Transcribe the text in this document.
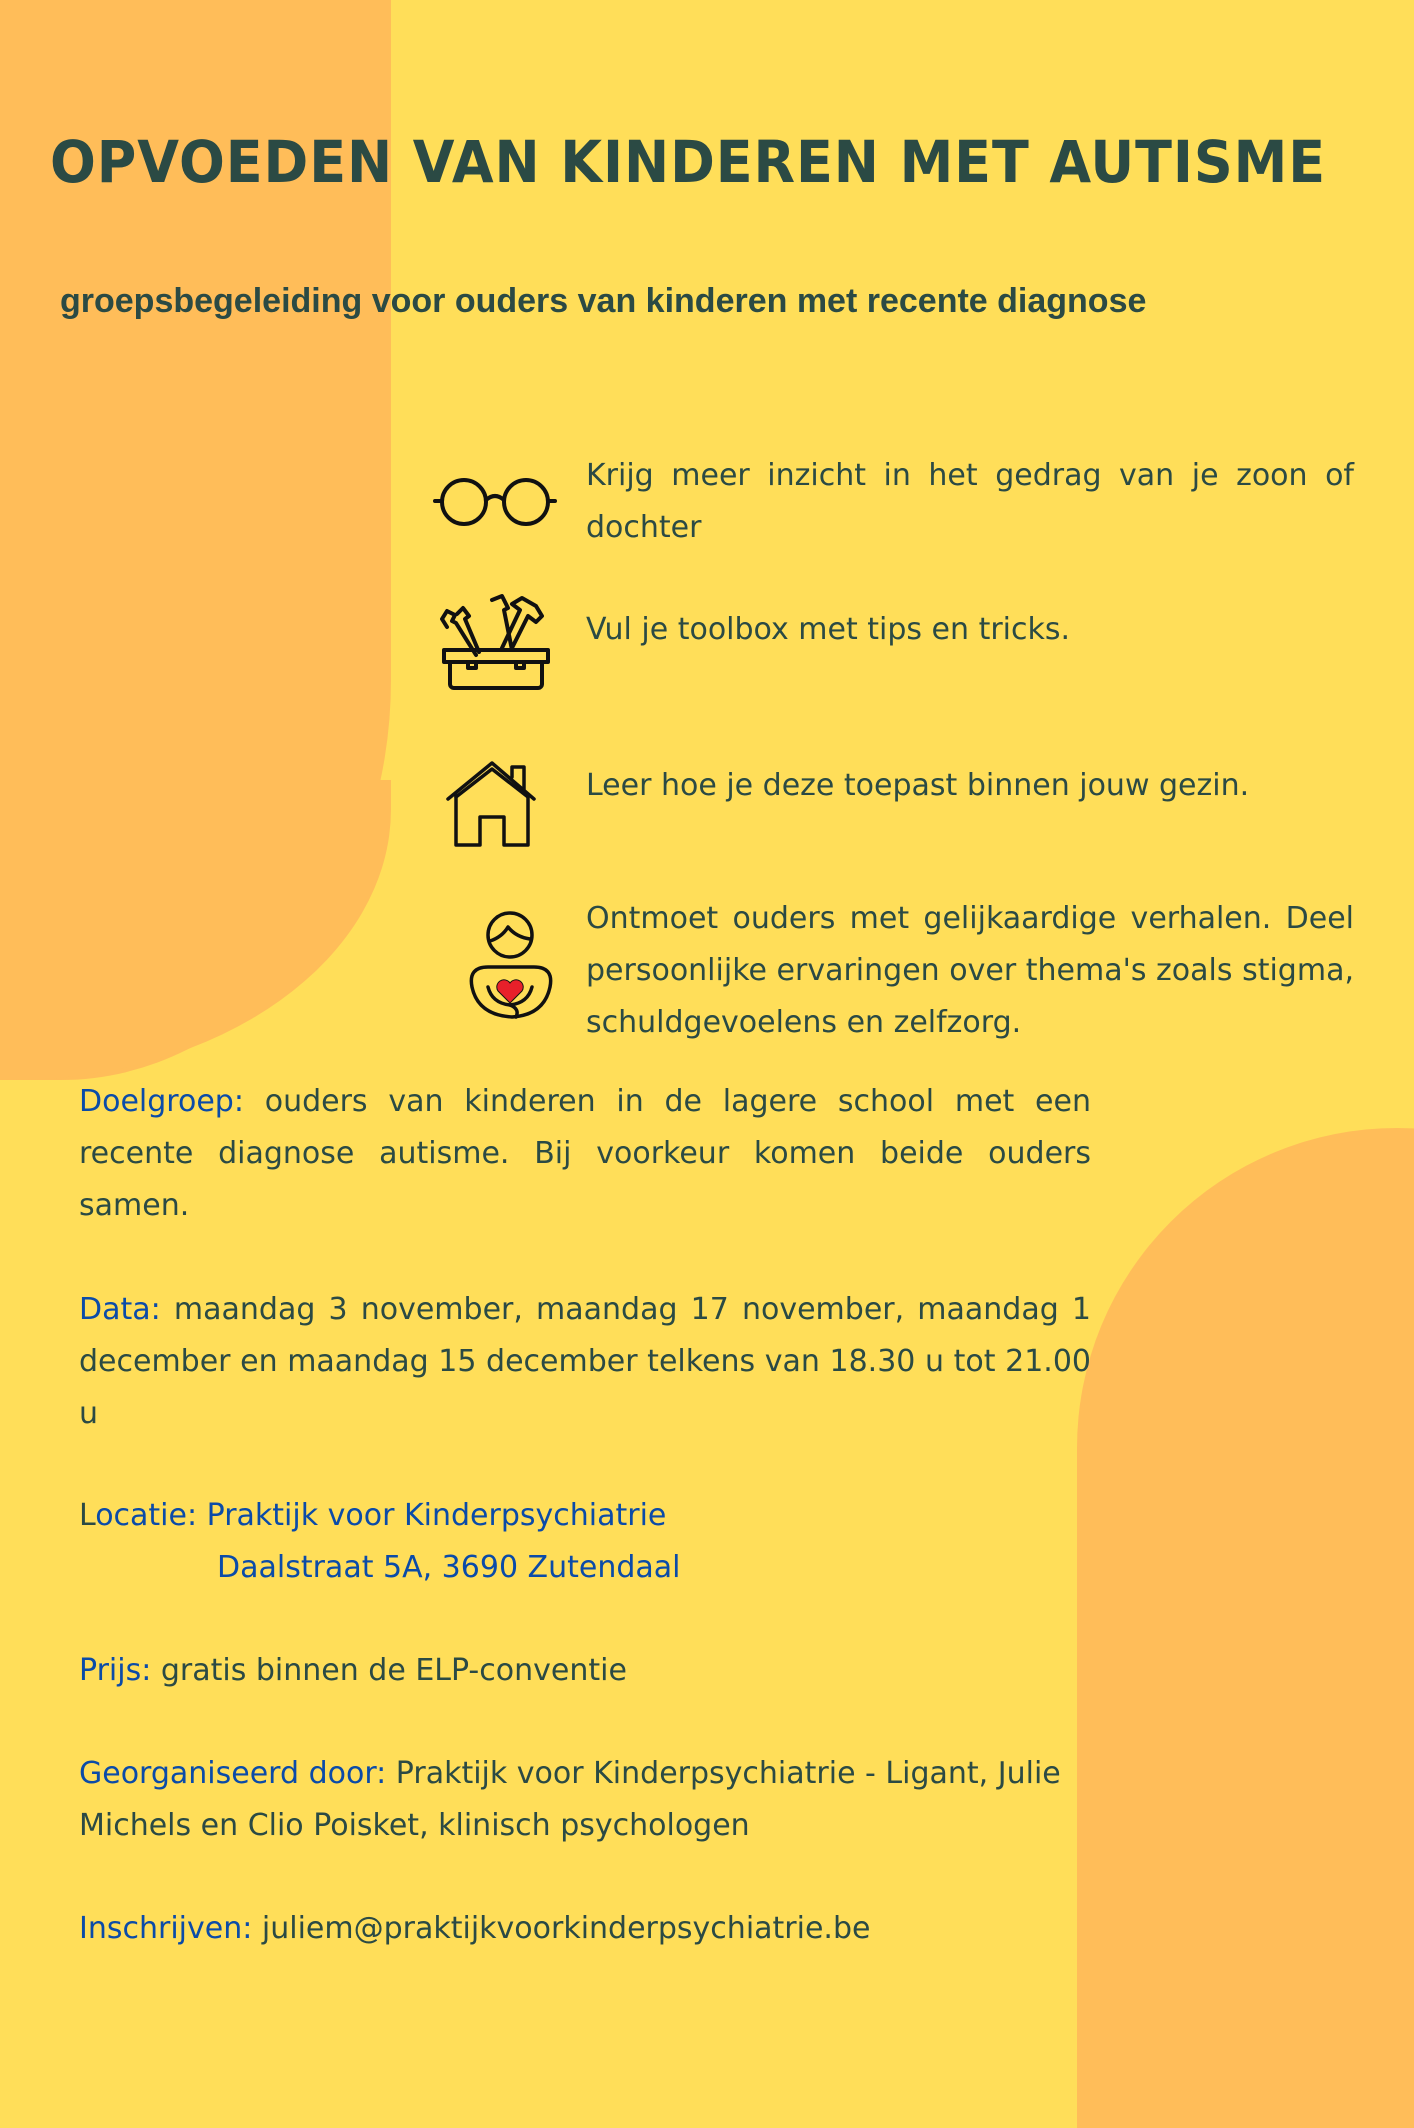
OPVOEDEN VAN KINDEREN MET AUTISME
groepsbegeleiding voor ouders van kinderen met recente diagnose
Krijg meer inzicht in het gedrag van je zoon of dochter
Vul je toolbox met tips en tricks.
Leer hoe je deze toepast binnen jouw gezin.
Ontmoet ouders met gelijkaardige verhalen. Deel persoonlijke ervaringen over thema's zoals stigma, schuldgevoelens en zelfzorg.
Doelgroep: ouders van kinderen in de lagere school met een recente diagnose autisme. Bij voorkeur komen beide ouders samen.
Data: maandag 3 november, maandag 17 november, maandag 1 december en maandag 15 december telkens van 18.30 u tot 21.00 u
Locatie: Praktijk voor Kinderpsychiatrie
Daalstraat 5A, 3690 Zutendaal
Prijs: gratis binnen de ELP-conventie
Georganiseerd door: Praktijk voor Kinderpsychiatrie - Ligant, Julie Michels en Clio Poisket, klinisch psychologen
Inschrijven: juliem@praktijkvoorkinderpsychiatrie.be
